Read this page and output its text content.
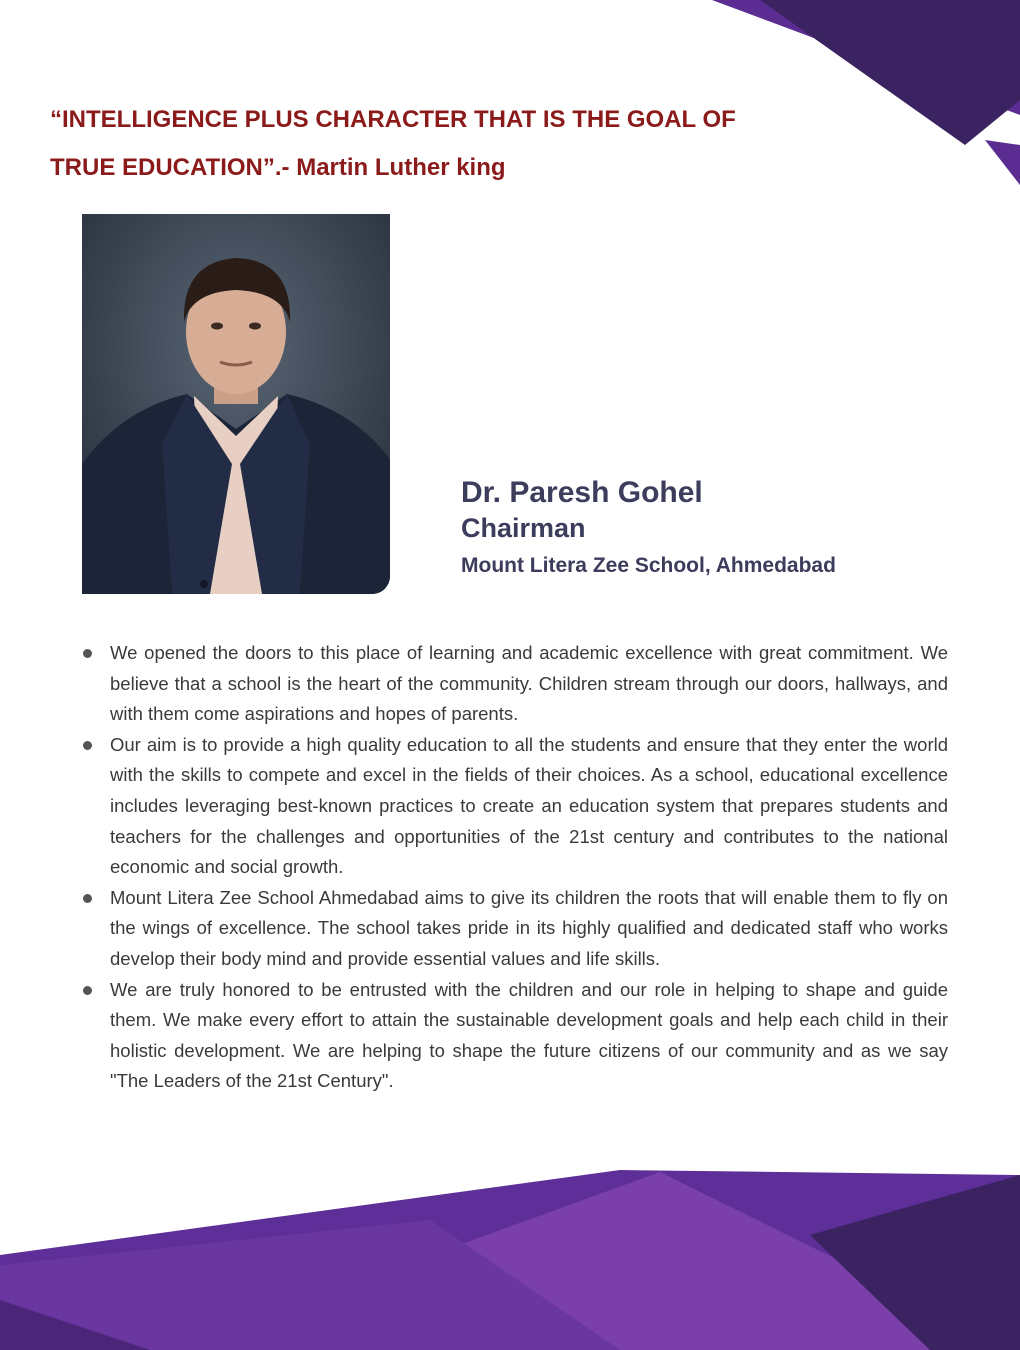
“INTELLIGENCE PLUS CHARACTER THAT IS THE GOAL OF
TRUE EDUCATION”.- Martin Luther king
Dr. Paresh Gohel
Chairman
Mount Litera Zee School, Ahmedabad
We opened the doors to this place of learning and academic excellence with great commitment. We believe that a school is the heart of the community. Children stream through our doors, hallways, and with them come aspirations and hopes of parents.
Our aim is to provide a high quality education to all the students and ensure that they enter the world with the skills to compete and excel in the fields of their choices. As a school, educational excellence includes leveraging best-known practices to create an education system that prepares students and teachers for the challenges and opportunities of the 21st century and contributes to the national economic and social growth.
Mount Litera Zee School Ahmedabad aims to give its children the roots that will enable them to fly on the wings of excellence. The school takes pride in its highly qualified and dedicated staff who works develop their body mind and provide essential values and life skills.
We are truly honored to be entrusted with the children and our role in helping to shape and guide them. We make every effort to attain the sustainable development goals and help each child in their holistic development. We are helping to shape the future citizens of our community and as we say "The Leaders of the 21st Century".
